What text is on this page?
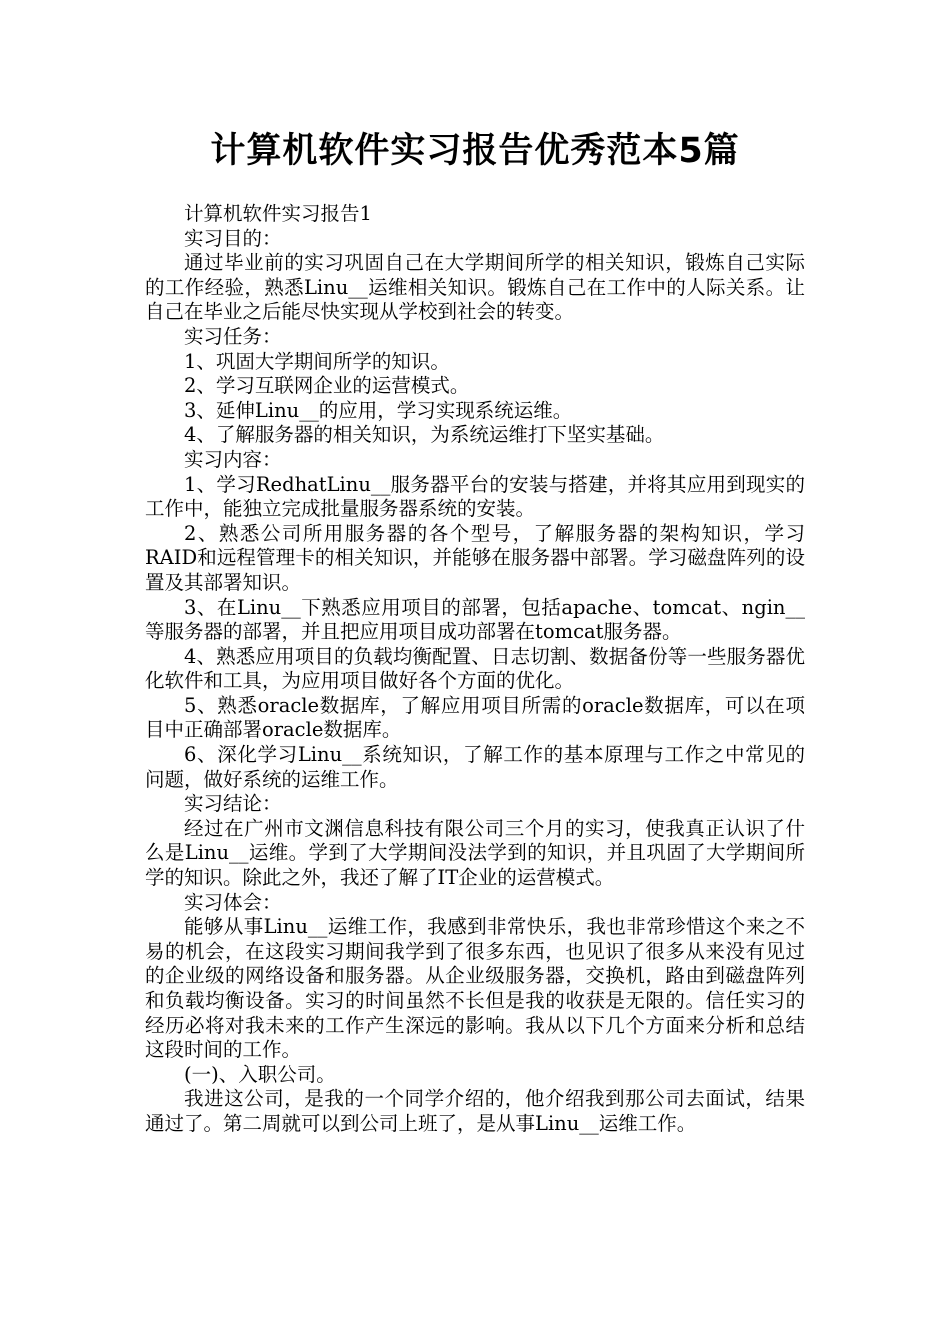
计算机软件实习报告优秀范本5篇

计算机软件实习报告1

实习目的：

通过毕业前的实习巩固自己在大学期间所学的相关知识，锻炼自己实际的工作经验，熟悉Linu__运维相关知识。锻炼自己在工作中的人际关系。让自己在毕业之后能尽快实现从学校到社会的转变。

实习任务：

1、巩固大学期间所学的知识。

2、学习互联网企业的运营模式。

3、延伸Linu__的应用，学习实现系统运维。

4、了解服务器的相关知识，为系统运维打下坚实基础。

实习内容：

1、学习RedhatLinu__服务器平台的安装与搭建，并将其应用到现实的工作中，能独立完成批量服务器系统的安装。

2、熟悉公司所用服务器的各个型号，了解服务器的架构知识，学习RAID和远程管理卡的相关知识，并能够在服务器中部署。学习磁盘阵列的设置及其部署知识。

3、在Linu__下熟悉应用项目的部署，包括apache、tomcat、ngin__等服务器的部署，并且把应用项目成功部署在tomcat服务器。

4、熟悉应用项目的负载均衡配置、日志切割、数据备份等一些服务器优化软件和工具，为应用项目做好各个方面的优化。

5、熟悉oracle数据库，了解应用项目所需的oracle数据库，可以在项目中正确部署oracle数据库。

6、深化学习Linu__系统知识，了解工作的基本原理与工作之中常见的问题，做好系统的运维工作。

实习结论：

经过在广州市文渊信息科技有限公司三个月的实习，使我真正认识了什么是Linu__运维。学到了大学期间没法学到的知识，并且巩固了大学期间所学的知识。除此之外，我还了解了IT企业的运营模式。

实习体会：

能够从事Linu__运维工作，我感到非常快乐，我也非常珍惜这个来之不易的机会，在这段实习期间我学到了很多东西，也见识了很多从来没有见过的企业级的网络设备和服务器。从企业级服务器，交换机，路由到磁盘阵列和负载均衡设备。实习的时间虽然不长但是我的收获是无限的。信任实习的经历必将对我未来的工作产生深远的影响。我从以下几个方面来分析和总结这段时间的工作。

(一)、入职公司。

我进这公司，是我的一个同学介绍的，他介绍我到那公司去面试，结果通过了。第二周就可以到公司上班了，是从事Linu__运维工作。
